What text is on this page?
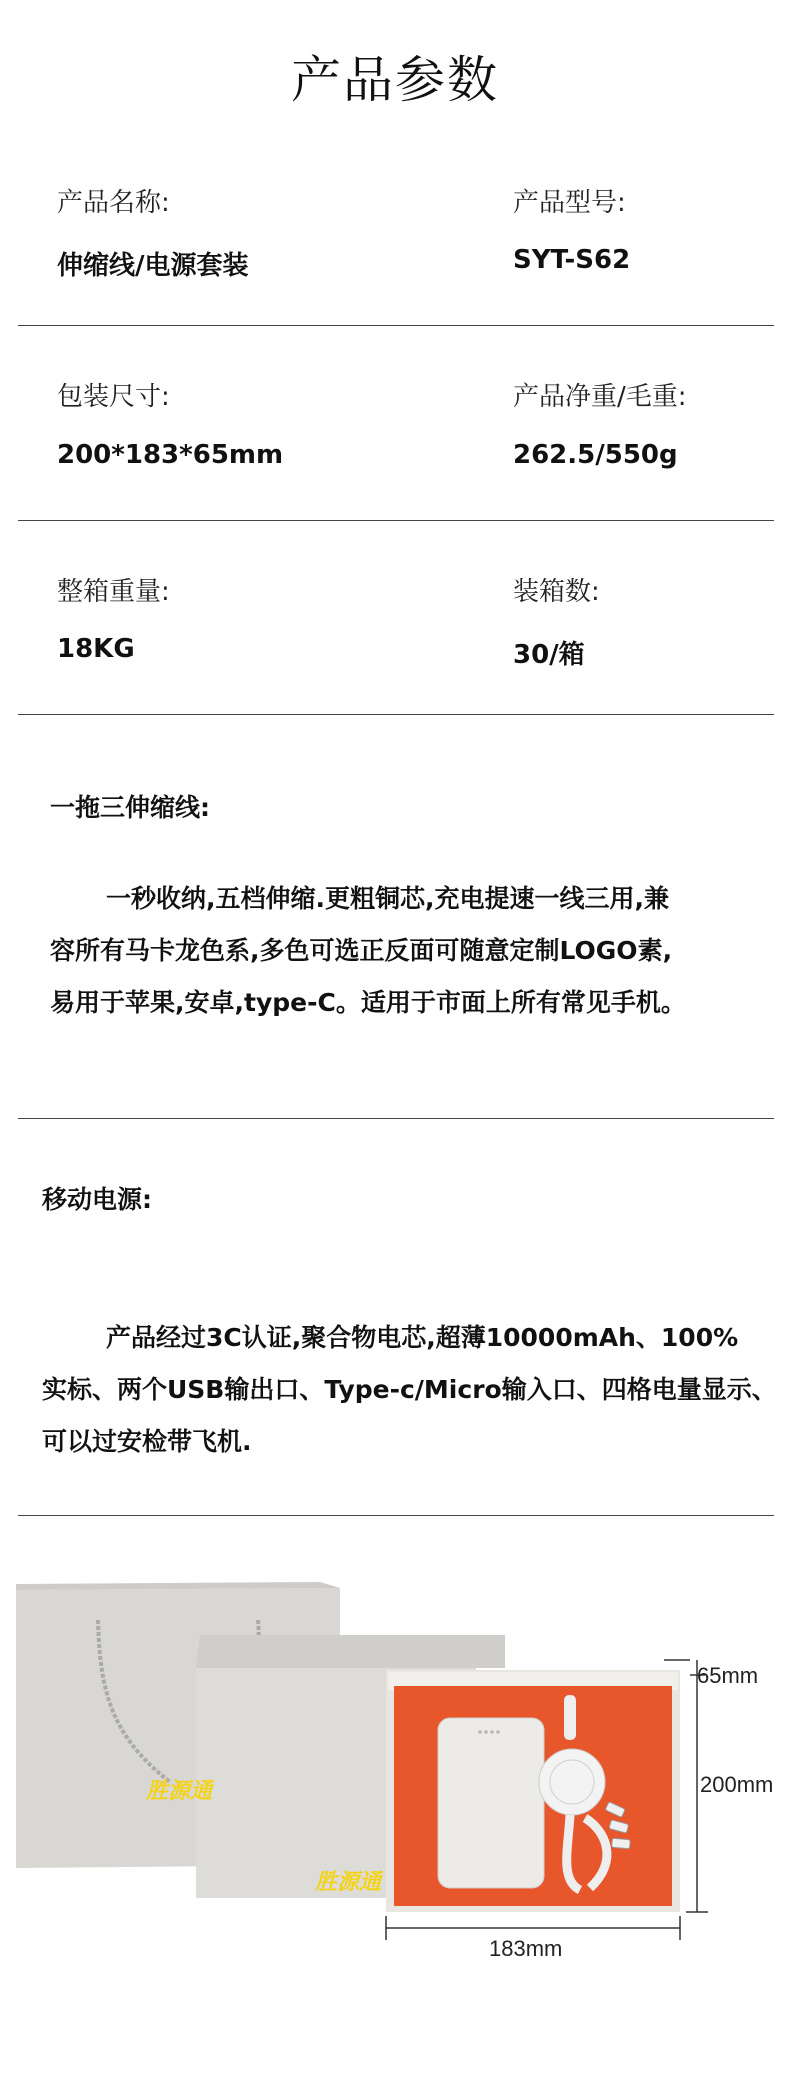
产品参数
产品名称:
伸缩线/电源套装
产品型号:
SYT-S62
包装尺寸:
200*183*65mm
产品净重/毛重:
262.5/550g
整箱重量:
18KG
装箱数:
30/箱
一拖三伸缩线:
一秒收纳,五档伸缩.更粗铜芯,充电提速一线三用,兼
容所有马卡龙色系,多色可选正反面可随意定制LOGO素,
易用于苹果,安卓,type-C。适用于市面上所有常见手机。
移动电源:
产品经过3C认证,聚合物电芯,超薄10000mAh、100%
实标、两个USB输出口、Type-c/Micro输入口、四格电量显示、
可以过安检带飞机.
胜源通
胜源通
65mm
200mm
183mm
